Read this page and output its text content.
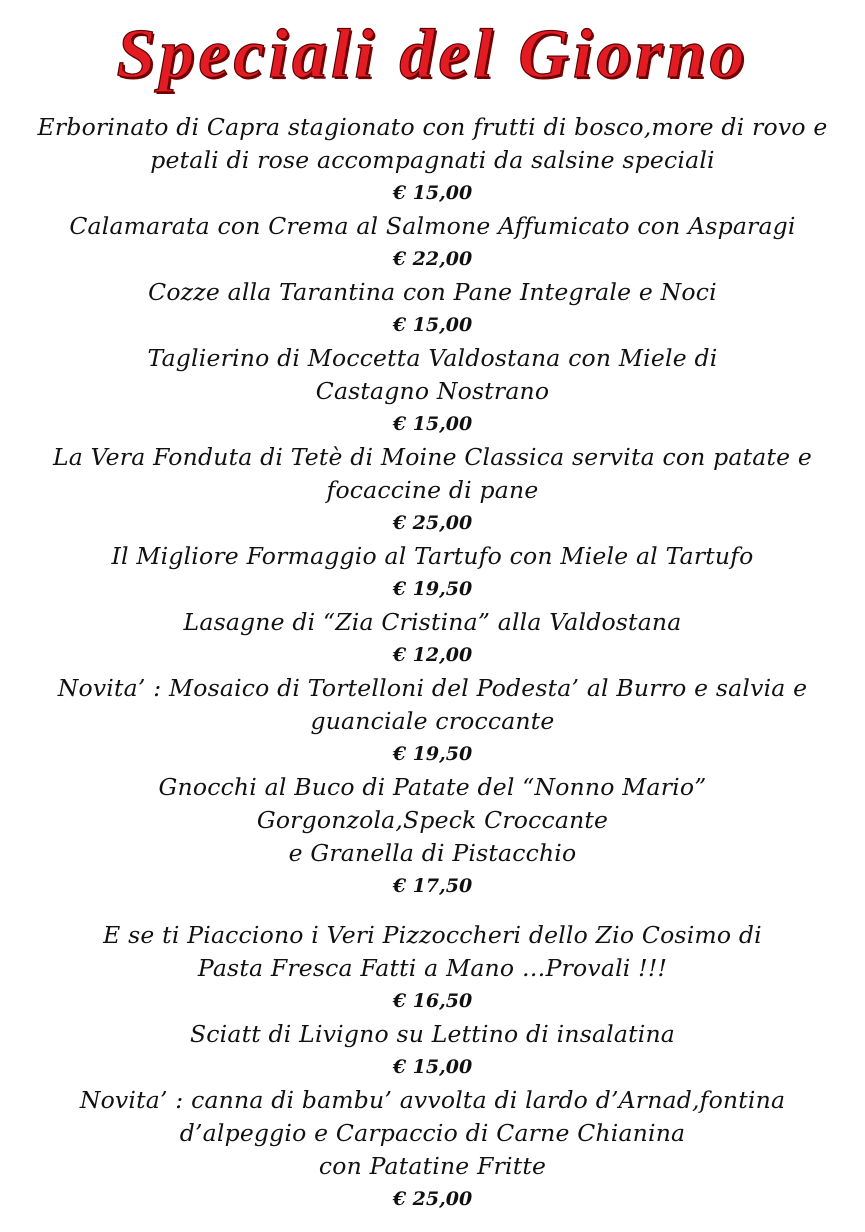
Speciali del Giorno
Erborinato di Capra stagionato con frutti di bosco,more di rovo e
petali di rose accompagnati da salsine speciali
€ 15,00
Calamarata con Crema al Salmone Affumicato con Asparagi
€ 22,00
Cozze alla Tarantina con Pane Integrale e Noci
€ 15,00
Taglierino di Moccetta Valdostana con Miele di
Castagno Nostrano
€ 15,00
La Vera Fonduta di Tetè di Moine Classica servita con patate e
focaccine di pane
€ 25,00
Il Migliore Formaggio al Tartufo con Miele al Tartufo
€ 19,50
Lasagne di “Zia Cristina” alla Valdostana
€ 12,00
Novita’ : Mosaico di Tortelloni del Podesta’ al Burro e salvia e
guanciale croccante
€ 19,50
Gnocchi al Buco di Patate del “Nonno Mario”
Gorgonzola,Speck Croccante
e Granella di Pistacchio
€ 17,50
E se ti Piacciono i Veri Pizzoccheri dello Zio Cosimo di
Pasta Fresca Fatti a Mano …Provali !!!
€ 16,50
Sciatt di Livigno su Lettino di insalatina
€ 15,00
Novita’ : canna di bambu’ avvolta di lardo d’Arnad,fontina
d’alpeggio e Carpaccio di Carne Chianina
con Patatine Fritte
€ 25,00
